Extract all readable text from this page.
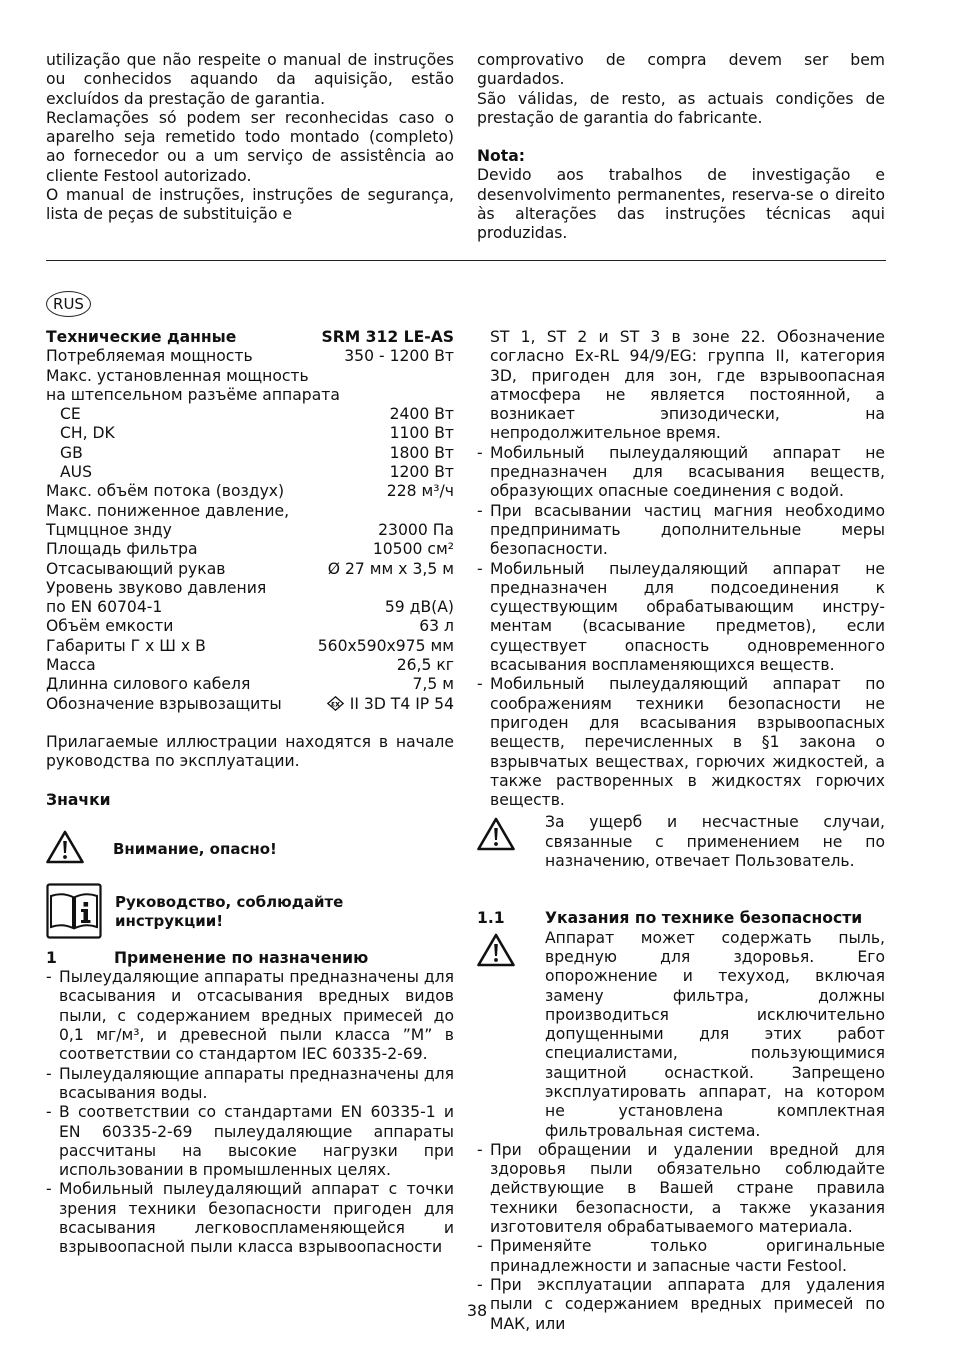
utilização que não respeite o manual de instruções ou conhecidos aquando da aquisição, estão excluídos da prestação de garantia.
Reclamações só podem ser reconhecidas caso o aparelho seja remetido todo montado (completo) ao fornecedor ou a um serviço de assistência ao cliente Festool autorizado.
O manual de instruções, instruções de segurança, lista de peças de substituição e
comprovativo de compra devem ser bem guardados.
São válidas, de resto, as actuais condições de prestação de garantia do fabricante.
Nota:
Devido aos trabalhos de investigação e desenvolvimento permanentes, reserva-se o direito às alterações das instruções técnicas aqui produzidas.
RUS
Технические данные	SRM 312 LE-AS
Потребляемая мощность	350 - 1200 Вт
Макс. установленная мощность
на штепсельном разъёме аппарата
CE	2400 Вт
CH, DK	1100 Вт
GB	1800 Вт
AUS	1200 Вт
Макс. объём потока (воздух)	228 м³/ч
Макс. пониженное давление,
Тцмццное знду	23000 Па
Площадь фильтра	10500 см²
Отсасывающий рукав	Ø 27 мм x 3,5 м
Уровень звуково давления
по EN 60704-1	59 дВ(А)
Объём емкости	63 л
Габариты Г x Ш x В	560x590x975 мм
Масса	26,5 кг
Длинна силового кабеля	7,5 м
Обозначение взрывозащиты	εx II 3D T4 IP 54
Прилагаемые иллюстрации находятся в начале руководства по эксплуатации.
Значки
Внимание, опасно!
Руководство, соблюдайте инструкции!
1	Применение по назначению
- Пылеудаляющие аппараты предназначены для всасывания и отсасывания вредных видов пыли, с содержанием вредных примесей до 0,1 мг/м³, и древесной пыли класса ”М” в соответствии со стандартом IEC 60335-2-69.
- Пылеудаляющие аппараты предназначены для всасывания воды.
- В соответствии со стандартами EN 60335-1 и EN 60335-2-69 пылеудаляющие аппараты рассчитаны на высокие нагрузки при использовании в промышленных целях.
- Мобильный пылеудаляющий аппарат с точки зрения техники безопасности пригоден для всасывания легковоспламеняющейся и взрывоопасной пыли класса взрывоопасности
ST 1, ST 2 и ST 3 в зоне 22. Обозначение согласно Ex-RL 94/9/EG: группа II, категория 3D, пригоден для зон, где взрывоопасная атмосфера не является постоянной, а возникает эпизодически, на непродолжительное время.
- Мобильный пылеудаляющий аппарат не предназначен для всасывания веществ, образующих опасные соединения с водой.
- При всасывании частиц магния необходимо предпринимать дополнительные меры безопасности.
- Мобильный пылеудаляющий аппарат не предназначен для подсоединения к существующим обрабатывающим инстру-ментам (всасывание предметов), если существует опасность одновременного всасывания воспламеняющихся веществ.
- Мобильный пылеудаляющий аппарат по соображениям техники безопасности не пригоден для всасывания взрывоопасных веществ, перечисленных в §1 закона о взрывчатых веществах, горючих жидкостей, а также растворенных в жидкостях горючих веществ.
За ущерб и несчастные случаи, связанные с применением не по назначению, отвечает Пользователь.
1.1	Указания по технике безопасности
Аппарат может содержать пыль, вредную для здоровья. Его опорожнение и техуход, включая замену фильтра, должны производиться исключительно допущенными для этих работ специалистами, пользующимися защитной оснасткой. Запрещено эксплуатировать аппарат, на котором не установлена комплектная фильтровальная система.
- При обращении и удалении вредной для здоровья пыли обязательно соблюдайте действующие в Вашей стране правила техники безопасности, а также указания изготовителя обрабатываемого материала.
- Применяйте только оригинальные принадлежности и запасные части Festool.
- При эксплуатации аппарата для удаления пыли с содержанием вредных примесей по МАК, или
38
